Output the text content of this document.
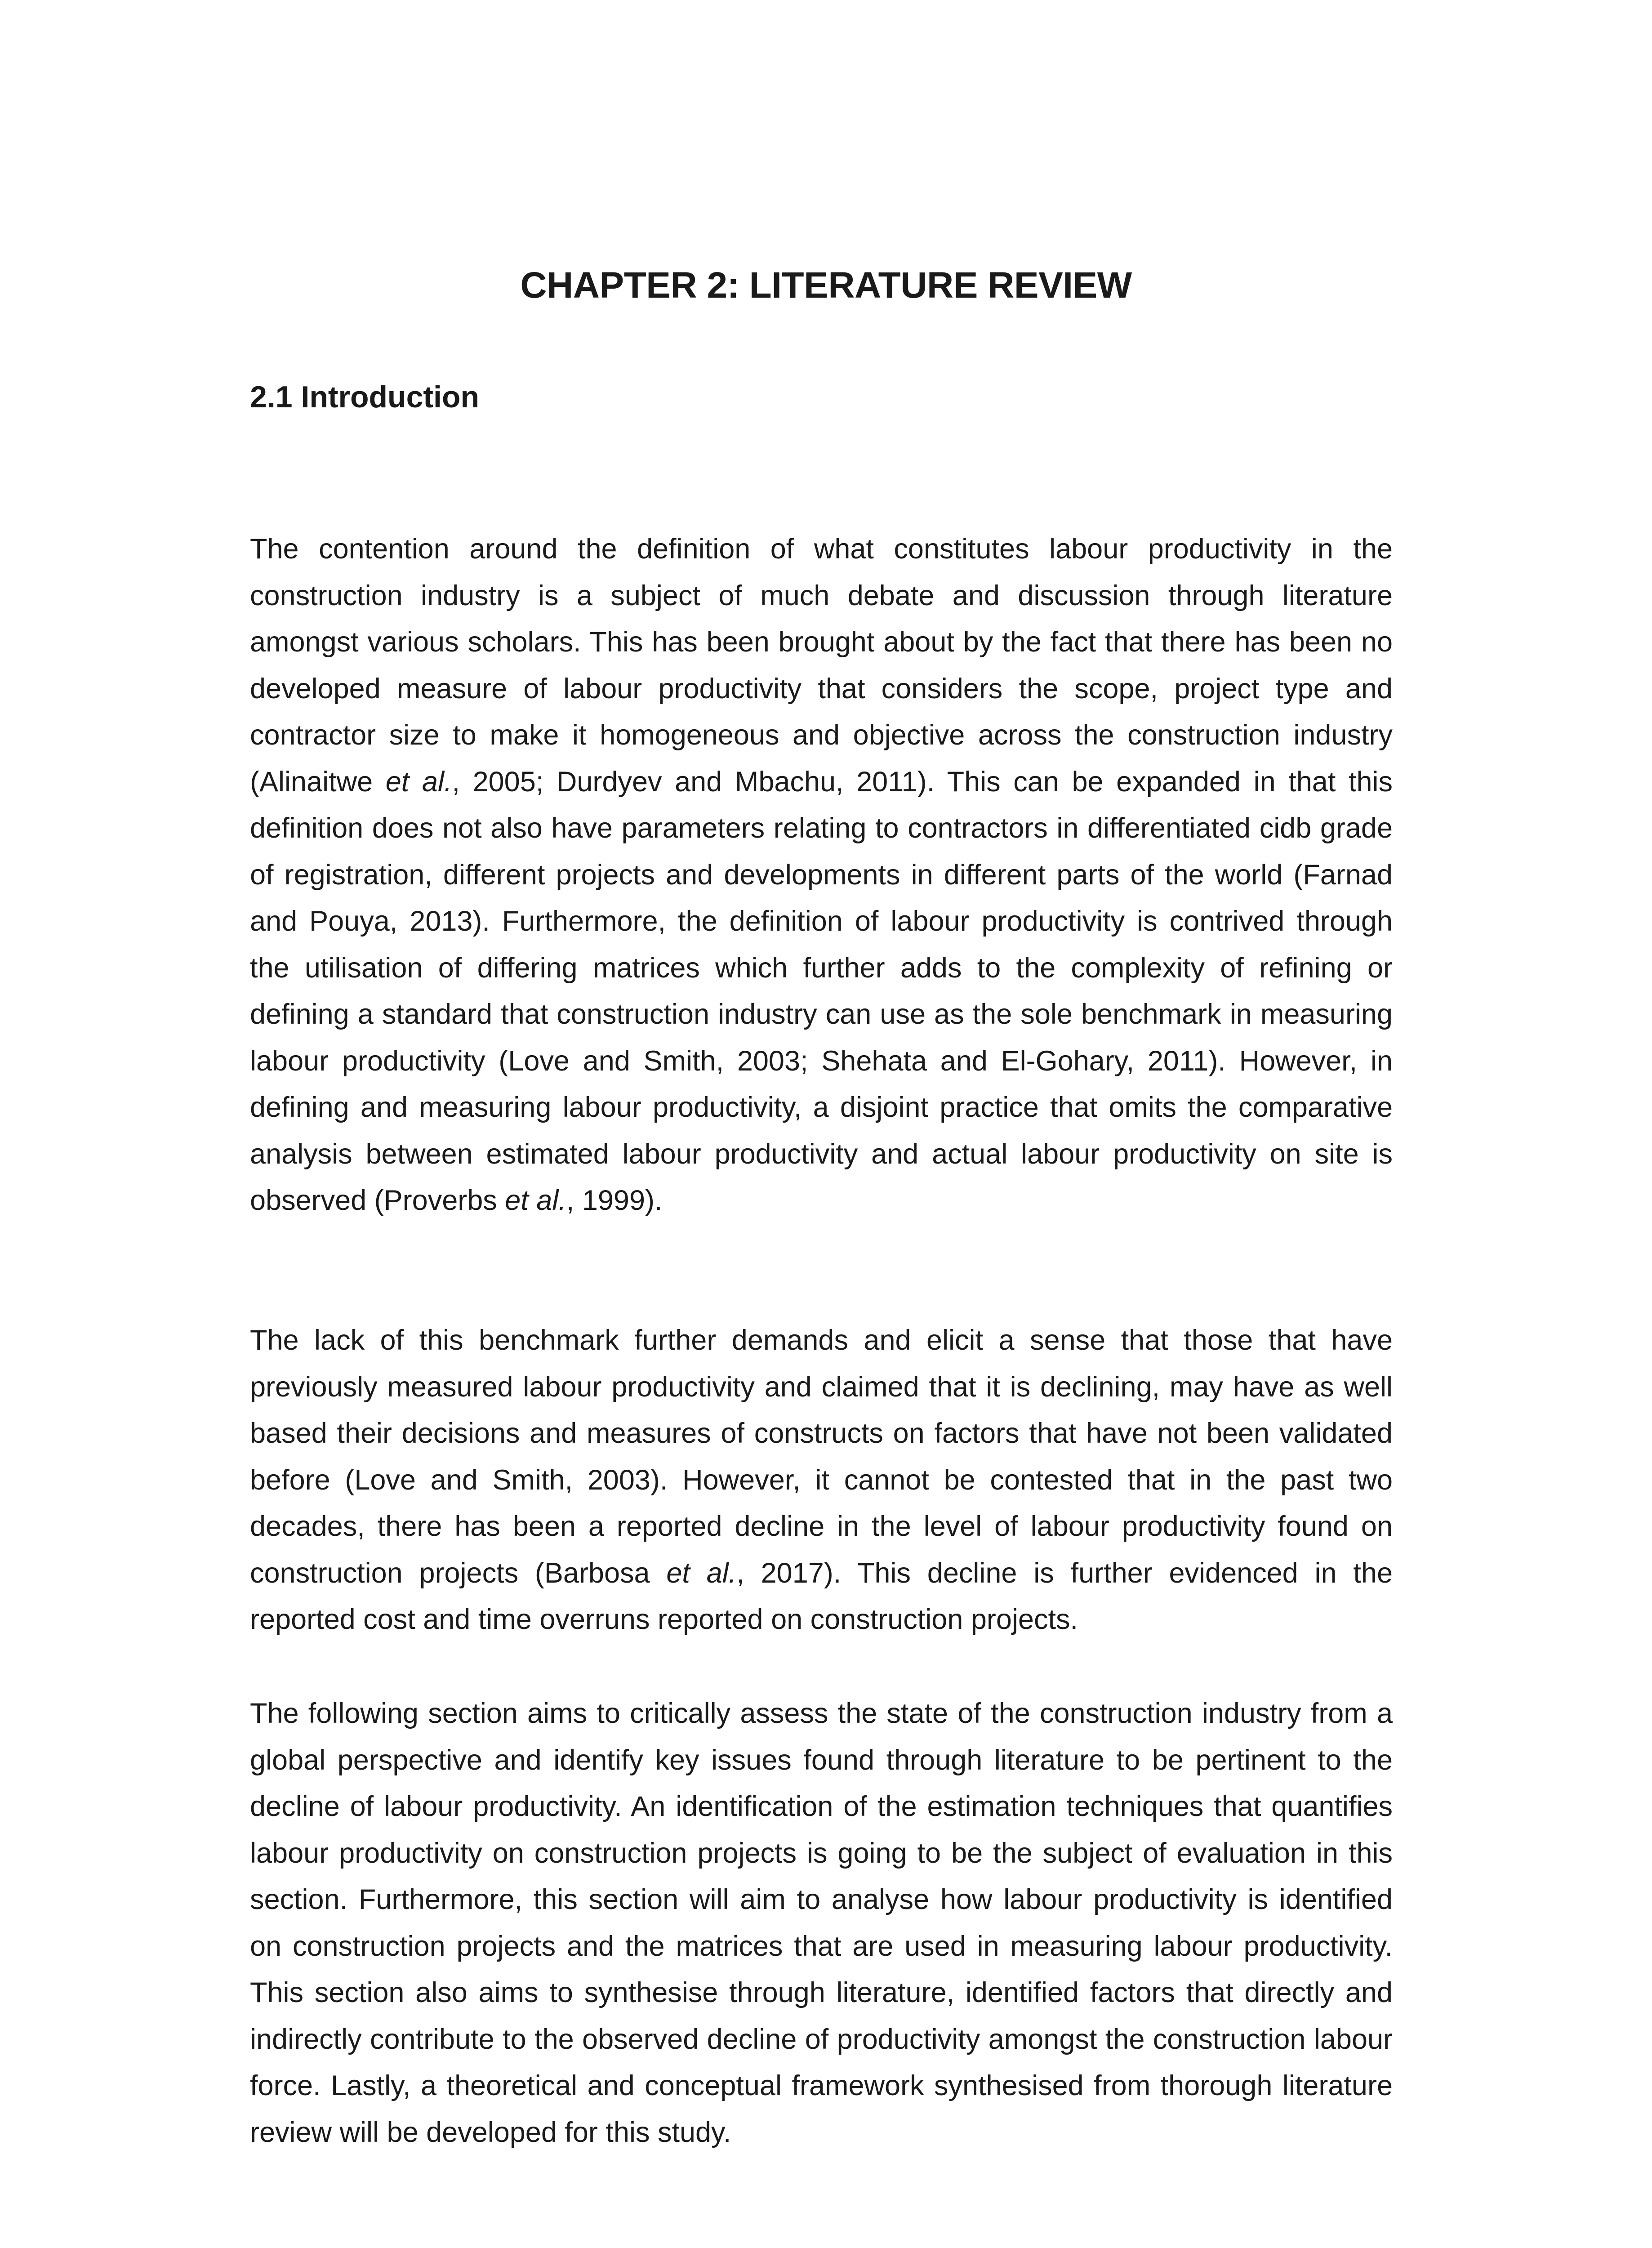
CHAPTER 2: LITERATURE REVIEW
2.1 Introduction

The contention around the definition of what constitutes labour productivity in the construction industry is a subject of much debate and discussion through literature amongst various scholars. This has been brought about by the fact that there has been no developed measure of labour productivity that considers the scope, project type and contractor size to make it homogeneous and objective across the construction industry (Alinaitwe et al., 2005; Durdyev and Mbachu, 2011). This can be expanded in that this definition does not also have parameters relating to contractors in differentiated cidb grade of registration, different projects and developments in different parts of the world (Farnad and Pouya, 2013). Furthermore, the definition of labour productivity is contrived through the utilisation of differing matrices which further adds to the complexity of refining or defining a standard that construction industry can use as the sole benchmark in measuring labour productivity (Love and Smith, 2003; Shehata and El-Gohary, 2011). However, in defining and measuring labour productivity, a disjoint practice that omits the comparative analysis between estimated labour productivity and actual labour productivity on site is observed (Proverbs et al., 1999).

The lack of this benchmark further demands and elicit a sense that those that have previously measured labour productivity and claimed that it is declining, may have as well based their decisions and measures of constructs on factors that have not been validated before (Love and Smith, 2003). However, it cannot be contested that in the past two decades, there has been a reported decline in the level of labour productivity found on construction projects (Barbosa et al., 2017). This decline is further evidenced in the reported cost and time overruns reported on construction projects.

The following section aims to critically assess the state of the construction industry from a global perspective and identify key issues found through literature to be pertinent to the decline of labour productivity. An identification of the estimation techniques that quantifies labour productivity on construction projects is going to be the subject of evaluation in this section. Furthermore, this section will aim to analyse how labour productivity is identified on construction projects and the matrices that are used in measuring labour productivity. This section also aims to synthesise through literature, identified factors that directly and indirectly contribute to the observed decline of productivity amongst the construction labour force. Lastly, a theoretical and conceptual framework synthesised from thorough literature review will be developed for this study.
